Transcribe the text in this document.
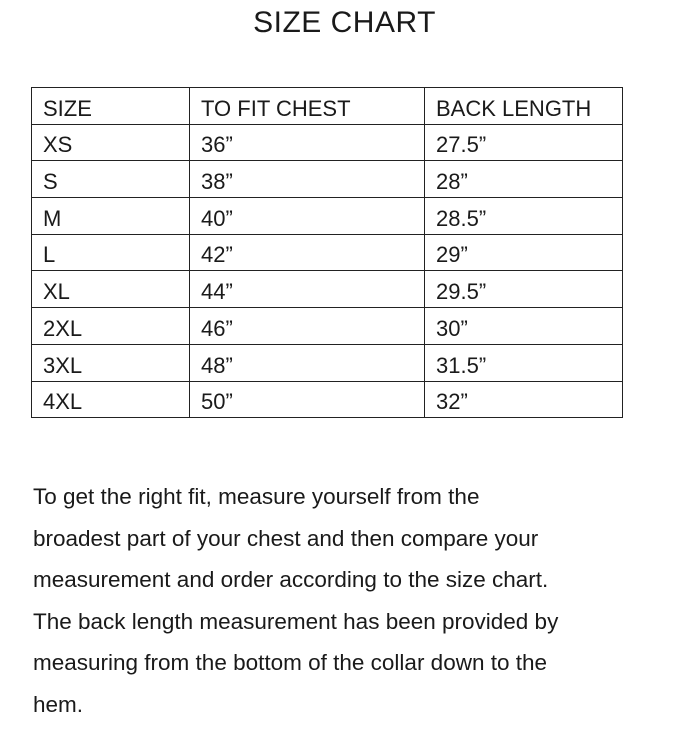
SIZE CHART
SIZE	TO FIT CHEST	BACK LENGTH
XS	36”	27.5”
S	38”	28”
M	40”	28.5”
L	42”	29”
XL	44”	29.5”
2XL	46”	30”
3XL	48”	31.5”
4XL	50”	32”

To get the right fit, measure yourself from the
broadest part of your chest and then compare your
measurement and order according to the size chart.
The back length measurement has been provided by
measuring from the bottom of the collar down to the
hem.
